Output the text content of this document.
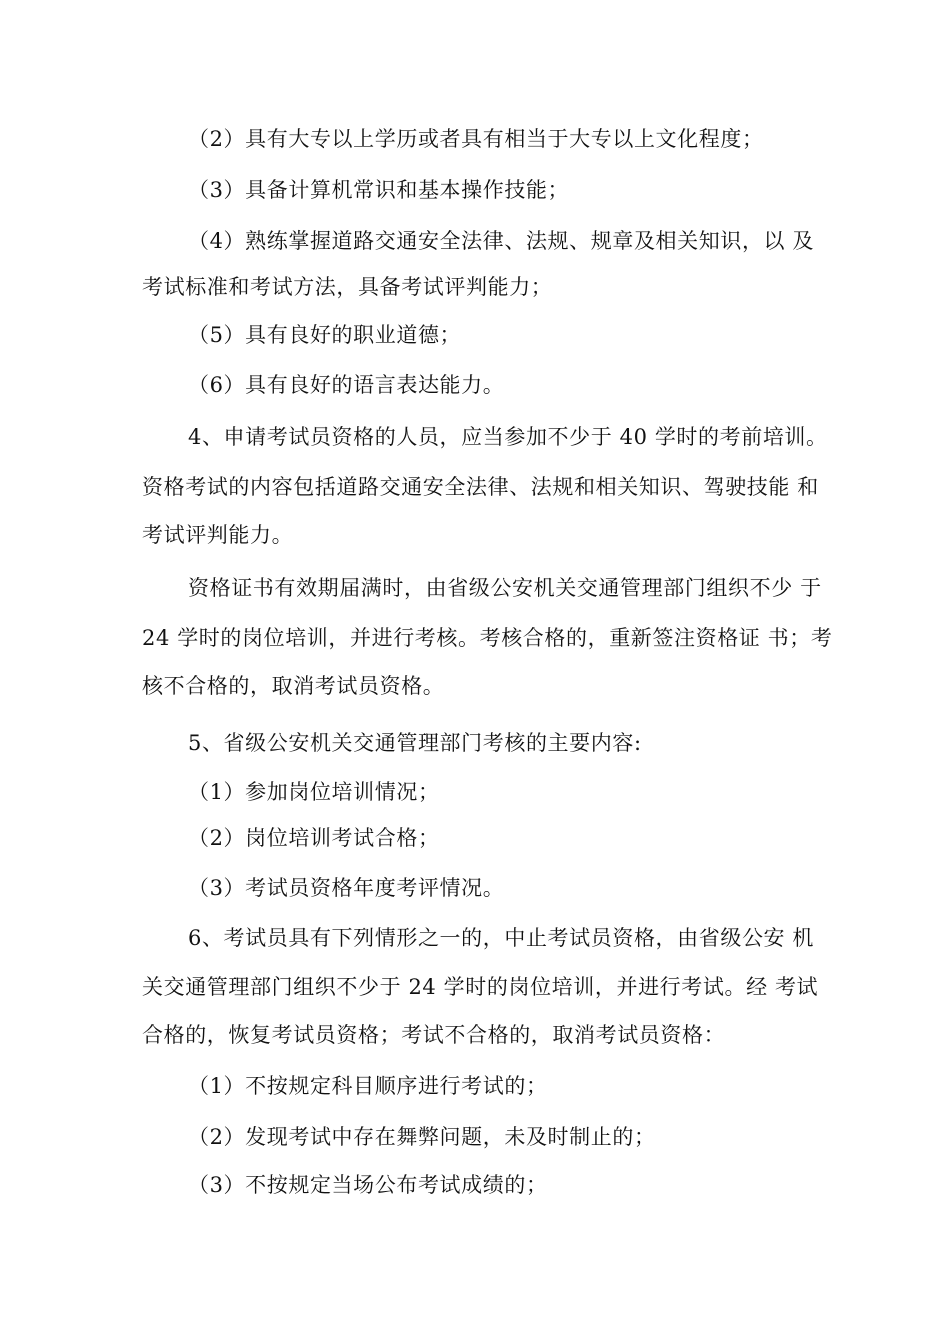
（2）具有大专以上学历或者具有相当于大专以上文化程度；
（3）具备计算机常识和基本操作技能；
（4）熟练掌握道路交通安全法律、法规、规章及相关知识，以 及
考试标准和考试方法，具备考试评判能力；
（5）具有良好的职业道德；
（6）具有良好的语言表达能力。
4、申请考试员资格的人员，应当参加不少于 40 学时的考前培训。
资格考试的内容包括道路交通安全法律、法规和相关知识、驾驶技能 和
考试评判能力。
资格证书有效期届满时，由省级公安机关交通管理部门组织不少 于
24 学时的岗位培训，并进行考核。考核合格的，重新签注资格证 书；考
核不合格的，取消考试员资格。
5、省级公安机关交通管理部门考核的主要内容:
（1）参加岗位培训情况；
（2）岗位培训考试合格；
（3）考试员资格年度考评情况。
6、考试员具有下列情形之一的，中止考试员资格，由省级公安 机
关交通管理部门组织不少于 24 学时的岗位培训，并进行考试。经 考试
合格的，恢复考试员资格；考试不合格的，取消考试员资格：
（1）不按规定科目顺序进行考试的；
（2）发现考试中存在舞弊问题，未及时制止的；
（3）不按规定当场公布考试成绩的；
